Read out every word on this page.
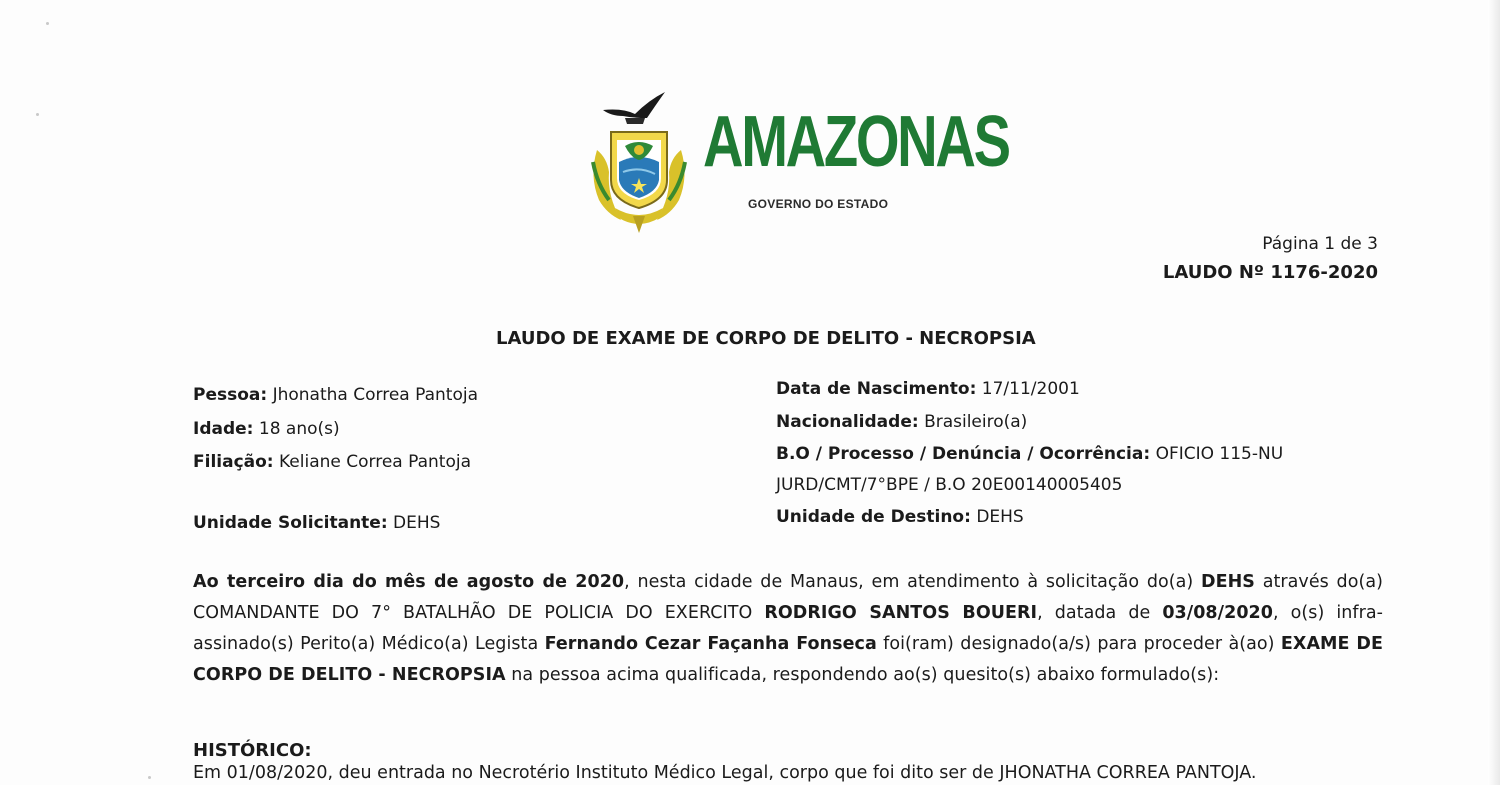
AMAZONAS
GOVERNO DO ESTADO
Página 1 de 3
LAUDO Nº 1176-2020
LAUDO DE EXAME DE CORPO DE DELITO - NECROPSIA
Pessoa: Jhonatha Correa Pantoja
Idade: 18 ano(s)
Filiação: Keliane Correa Pantoja
Unidade Solicitante: DEHS
Data de Nascimento: 17/11/2001
Nacionalidade: Brasileiro(a)
B.O / Processo / Denúncia / Ocorrência: OFICIO 115-NU
JURD/CMT/7°BPE / B.O 20E00140005405
Unidade de Destino: DEHS
Ao terceiro dia do mês de agosto de 2020, nesta cidade de Manaus, em atendimento à solicitação do(a) DEHS através do(a) COMANDANTE DO 7° BATALHÃO DE POLICIA DO EXERCITO RODRIGO SANTOS BOUERI, datada de 03/08/2020, o(s) infra-assinado(s) Perito(a) Médico(a) Legista Fernando Cezar Façanha Fonseca foi(ram) designado(a/s) para proceder à(ao) EXAME DE CORPO DE DELITO - NECROPSIA na pessoa acima qualificada, respondendo ao(s) quesito(s) abaixo formulado(s):
HISTÓRICO:
Em 01/08/2020, deu entrada no Necrotério Instituto Médico Legal, corpo que foi dito ser de JHONATHA CORREA PANTOJA.
